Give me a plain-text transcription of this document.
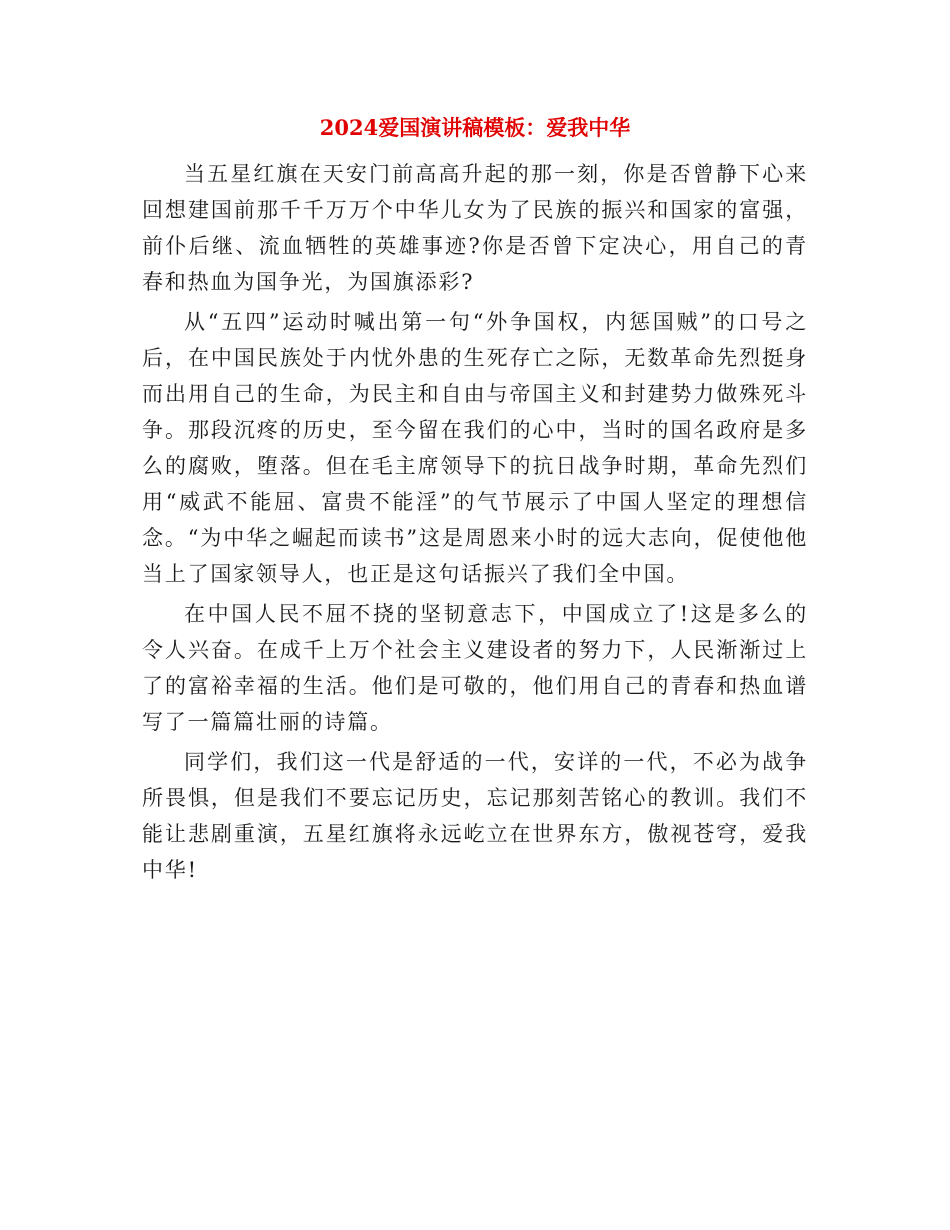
2024爱国演讲稿模板：爱我中华

当五星红旗在天安门前高高升起的那一刻，你是否曾静下心来回想建国前那千千万万个中华儿女为了民族的振兴和国家的富强，前仆后继、流血牺牲的英雄事迹?你是否曾下定决心，用自己的青春和热血为国争光，为国旗添彩?

从“五四”运动时喊出第一句“外争国权，内惩国贼”的口号之后，在中国民族处于内忧外患的生死存亡之际，无数革命先烈挺身而出用自己的生命，为民主和自由与帝国主义和封建势力做殊死斗争。那段沉疼的历史，至今留在我们的心中，当时的国名政府是多么的腐败，堕落。但在毛主席领导下的抗日战争时期，革命先烈们用“威武不能屈、富贵不能淫”的气节展示了中国人坚定的理想信念。“为中华之崛起而读书”这是周恩来小时的远大志向，促使他他当上了国家领导人，也正是这句话振兴了我们全中国。

在中国人民不屈不挠的坚韧意志下，中国成立了!这是多么的令人兴奋。在成千上万个社会主义建设者的努力下，人民渐渐过上了的富裕幸福的生活。他们是可敬的，他们用自己的青春和热血谱写了一篇篇壮丽的诗篇。

同学们，我们这一代是舒适的一代，安详的一代，不必为战争所畏惧，但是我们不要忘记历史，忘记那刻苦铭心的教训。我们不能让悲剧重演，五星红旗将永远屹立在世界东方，傲视苍穹，爱我中华!
